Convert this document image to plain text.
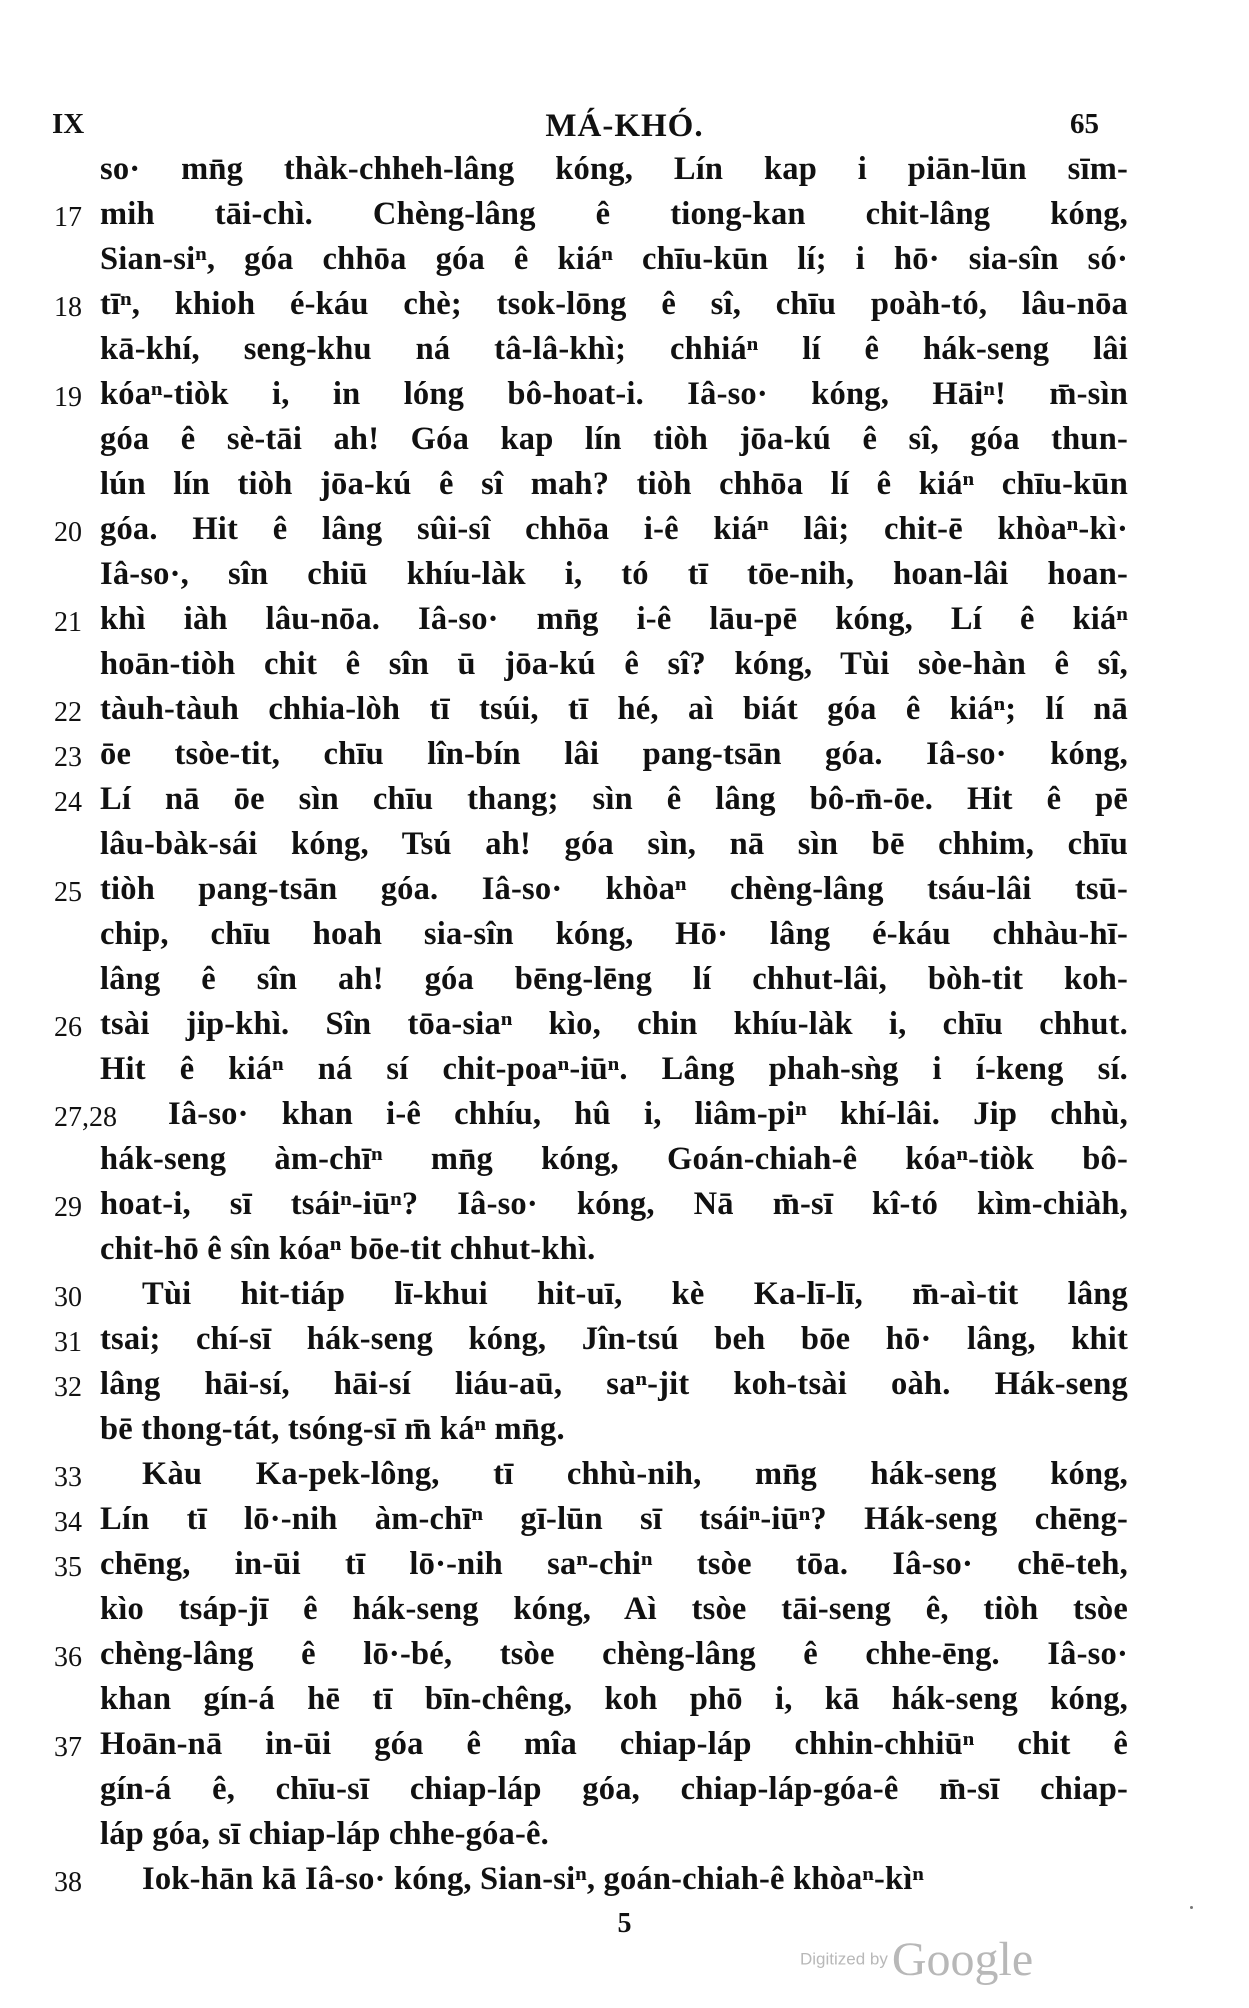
IX	MÁ-KHÓ.	65
so· mn̄g thàk-chheh-lâng kóng, Lín kap i piān-lūn sīm-
17 mih tāi-chì. Chèng-lâng ê tiong-kan chit-lâng kóng,
Sian-siⁿ, góa chhōa góa ê kiáⁿ chīu-kūn lí; i hō· sia-sîn só·
18 tīⁿ, khioh é-káu chè; tsok-lōng ê sî, chīu poàh-tó, lâu-nōa
kā-khí, seng-khu ná tâ-lâ-khì; chhiáⁿ lí ê hák-seng lâi
19 kóaⁿ-tiòk i, in lóng bô-hoat-i. Iâ-so· kóng, Hāiⁿ! m̄-sìn
góa ê sè-tāi ah! Góa kap lín tiòh jōa-kú ê sî, góa thun-
lún lín tiòh jōa-kú ê sî mah? tiòh chhōa lí ê kiáⁿ chīu-kūn
20 góa. Hit ê lâng sûi-sî chhōa i-ê kiáⁿ lâi; chit-ē khòaⁿ-kì·
Iâ-so·, sîn chiū khíu-làk i, tó tī tōe-nih, hoan-lâi hoan-
21 khì iàh lâu-nōa. Iâ-so· mn̄g i-ê lāu-pē kóng, Lí ê kiáⁿ
hoān-tiòh chit ê sîn ū jōa-kú ê sî? kóng, Tùi sòe-hàn ê sî,
22 tàuh-tàuh chhia-lòh tī tsúi, tī hé, aì biát góa ê kiáⁿ; lí nā
23 ōe tsòe-tit, chīu lîn-bín lâi pang-tsān góa. Iâ-so· kóng,
24 Lí nā ōe sìn chīu thang; sìn ê lâng bô-m̄-ōe. Hit ê pē
lâu-bàk-sái kóng, Tsú ah! góa sìn, nā sìn bē chhim, chīu
25 tiòh pang-tsān góa. Iâ-so· khòaⁿ chèng-lâng tsáu-lâi tsū-
chip, chīu hoah sia-sîn kóng, Hō· lâng é-káu chhàu-hī-
lâng ê sîn ah! góa bēng-lēng lí chhut-lâi, bòh-tit koh-
26 tsài jip-khì. Sîn tōa-siaⁿ kìo, chin khíu-làk i, chīu chhut.
Hit ê kiáⁿ ná sí chit-poaⁿ-iūⁿ. Lâng phah-sǹg i í-keng sí.
27,28	Iâ-so· khan i-ê chhíu, hû i, liâm-piⁿ khí-lâi. Jip chhù,
hák-seng àm-chīⁿ mn̄g kóng, Goán-chiah-ê kóaⁿ-tiòk bô-
29 hoat-i, sī tsáiⁿ-iūⁿ? Iâ-so· kóng, Nā m̄-sī kî-tó kìm-chiàh,
chit-hō ê sîn kóaⁿ bōe-tit chhut-khì.
30	Tùi hit-tiáp lī-khui hit-uī, kè Ka-lī-lī, m̄-aì-tit lâng
31 tsai; chí-sī hák-seng kóng, Jîn-tsú beh bōe hō· lâng, khit
32 lâng hāi-sí, hāi-sí liáu-aū, saⁿ-jit koh-tsài oàh. Hák-seng
bē thong-tát, tsóng-sī m̄ káⁿ mn̄g.
33	Kàu Ka-pek-lông, tī chhù-nih, mn̄g hák-seng kóng,
34 Lín tī lō·-nih àm-chīⁿ gī-lūn sī tsáiⁿ-iūⁿ? Hák-seng chēng-
35 chēng, in-ūi tī lō·-nih saⁿ-chiⁿ tsòe tōa. Iâ-so· chē-teh,
kìo tsáp-jī ê hák-seng kóng, Aì tsòe tāi-seng ê, tiòh tsòe
36 chèng-lâng ê lō·-bé, tsòe chèng-lâng ê chhe-ēng. Iâ-so·
khan gín-á hē tī bīn-chêng, koh phō i, kā hák-seng kóng,
37 Hoān-nā in-ūi góa ê mîa chiap-láp chhin-chhiūⁿ chit ê
gín-á ê, chīu-sī chiap-láp góa, chiap-láp-góa-ê m̄-sī chiap-
láp góa, sī chiap-láp chhe-góa-ê.
38	Iok-hān kā Iâ-so· kóng, Sian-siⁿ, goán-chiah-ê khòaⁿ-kìⁿ
5
Digitized by Google
